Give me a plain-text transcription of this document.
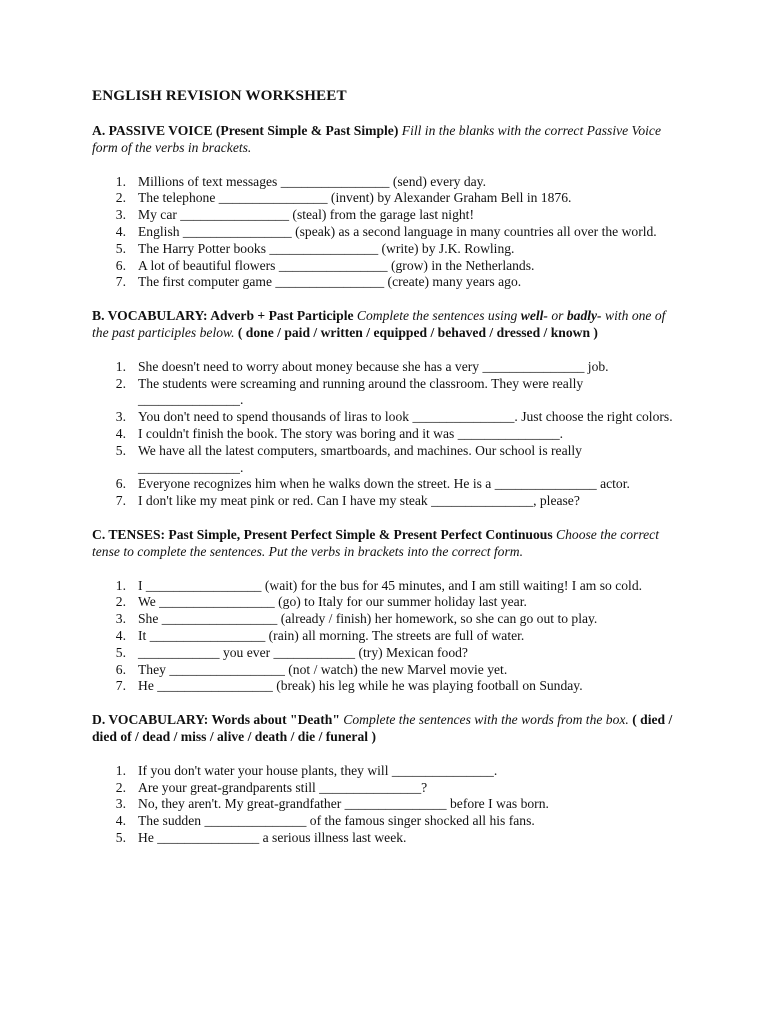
ENGLISH REVISION WORKSHEET
A. PASSIVE VOICE (Present Simple & Past Simple) Fill in the blanks with the correct Passive Voice form of the verbs in brackets.
1. Millions of text messages ________________ (send) every day.
2. The telephone ________________ (invent) by Alexander Graham Bell in 1876.
3. My car ________________ (steal) from the garage last night!
4. English ________________ (speak) as a second language in many countries all over the world.
5. The Harry Potter books ________________ (write) by J.K. Rowling.
6. A lot of beautiful flowers ________________ (grow) in the Netherlands.
7. The first computer game ________________ (create) many years ago.
B. VOCABULARY: Adverb + Past Participle Complete the sentences using well- or badly- with one of the past participles below. ( done / paid / written / equipped / behaved / dressed / known )
1. She doesn't need to worry about money because she has a very _______________ job.
2. The students were screaming and running around the classroom. They were really _______________.
3. You don't need to spend thousands of liras to look _______________. Just choose the right colors.
4. I couldn't finish the book. The story was boring and it was _______________.
5. We have all the latest computers, smartboards, and machines. Our school is really _______________.
6. Everyone recognizes him when he walks down the street. He is a _______________ actor.
7. I don't like my meat pink or red. Can I have my steak _______________, please?
C. TENSES: Past Simple, Present Perfect Simple & Present Perfect Continuous Choose the correct tense to complete the sentences. Put the verbs in brackets into the correct form.
1. I _________________ (wait) for the bus for 45 minutes, and I am still waiting! I am so cold.
2. We _________________ (go) to Italy for our summer holiday last year.
3. She _________________ (already / finish) her homework, so she can go out to play.
4. It _________________ (rain) all morning. The streets are full of water.
5. ____________ you ever ____________ (try) Mexican food?
6. They _________________ (not / watch) the new Marvel movie yet.
7. He _________________ (break) his leg while he was playing football on Sunday.
D. VOCABULARY: Words about "Death" Complete the sentences with the words from the box. ( died / died of / dead / miss / alive / death / die / funeral )
1. If you don't water your house plants, they will _______________.
2. Are your great-grandparents still _______________?
3. No, they aren't. My great-grandfather _______________ before I was born.
4. The sudden _______________ of the famous singer shocked all his fans.
5. He _______________ a serious illness last week.
